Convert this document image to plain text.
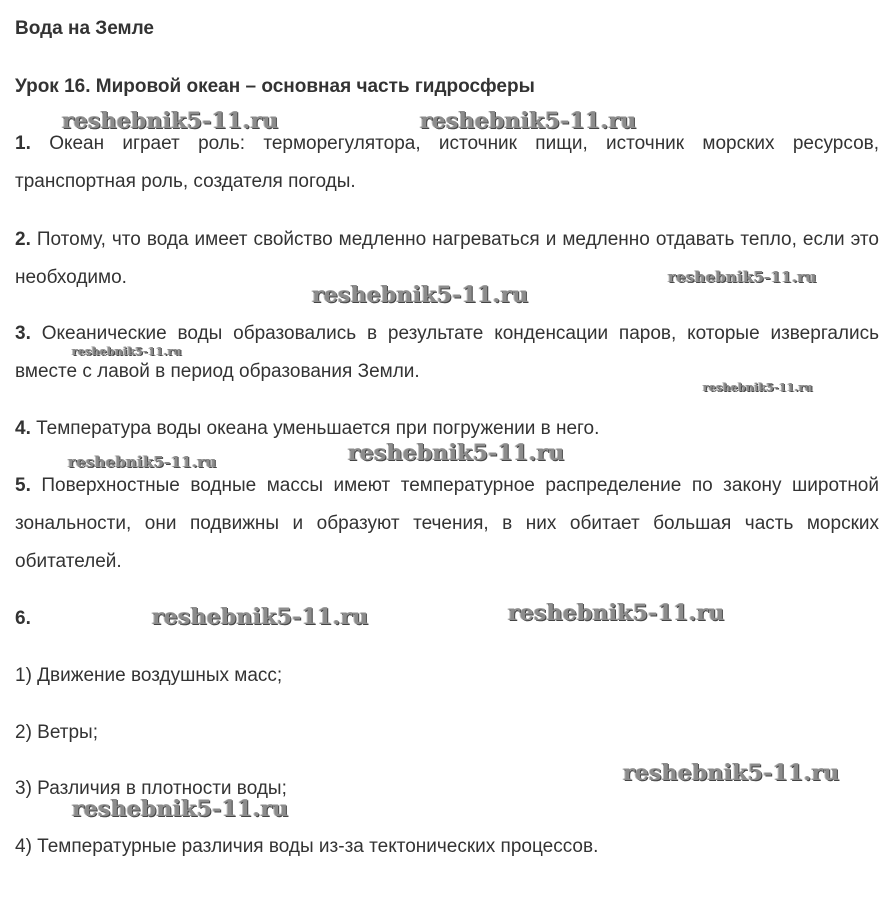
Вода на Земле
Урок 16. Мировой океан – основная часть гидросферы
1. Океан играет роль: терморегулятора, источник пищи, источник морских ресурсов, транспортная роль, создателя погоды.
2. Потому, что вода имеет свойство медленно нагреваться и медленно отдавать тепло, если это необходимо.
3. Океанические воды образовались в результате конденсации паров, которые извергались вместе с лавой в период образования Земли.
4. Температура воды океана уменьшается при погружении в него.
5. Поверхностные водные массы имеют температурное распределение по закону широтной зональности, они подвижны и образуют течения, в них обитает большая часть морских обитателей.
6.
1) Движение воздушных масс;
2) Ветры;
3) Различия в плотности воды;
4) Температурные различия воды из-за тектонических процессов.
reshebnik5-11.ru	reshebnik5-11.ru
reshebnik5-11.ru
reshebnik5-11.ru
reshebnik5-11.ru
reshebnik5-11.ru
reshebnik5-11.ru	reshebnik5-11.ru
reshebnik5-11.ru	reshebnik5-11.ru
reshebnik5-11.ru
reshebnik5-11.ru
